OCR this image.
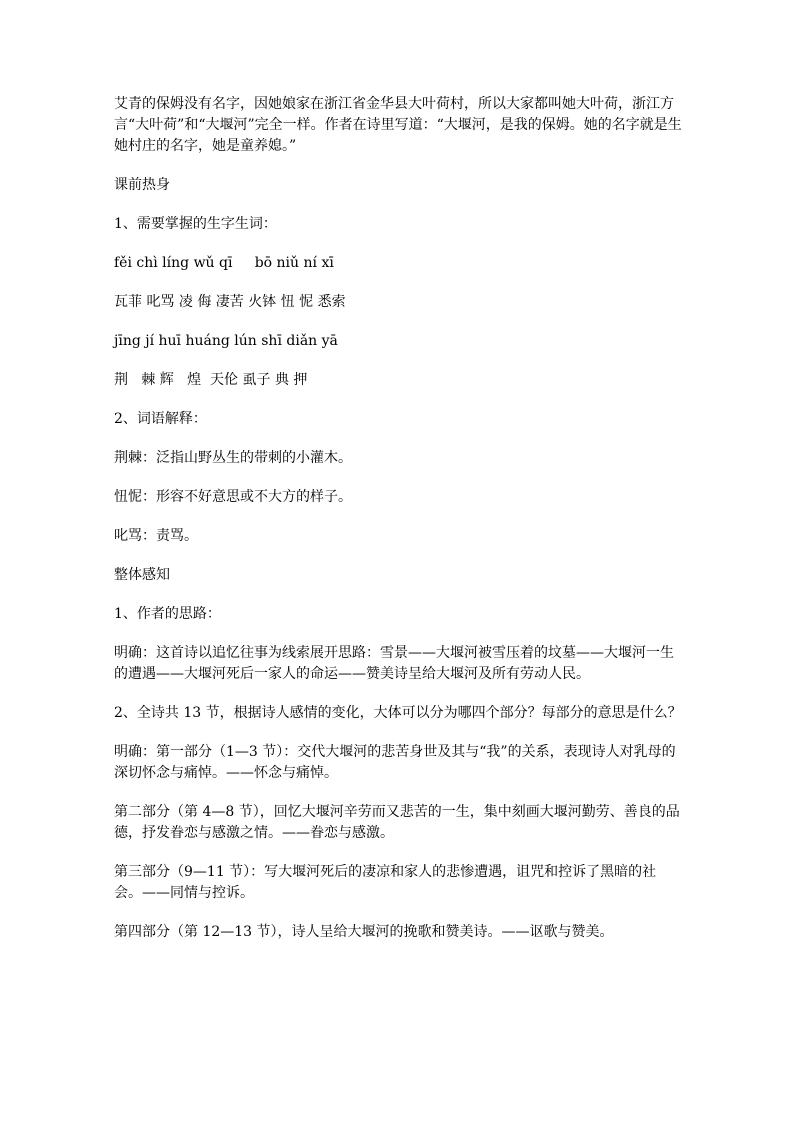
艾青的保姆没有名字，因她娘家在浙江省金华县大叶荷村，所以大家都叫她大叶荷，浙江方言“大叶荷”和“大堰河”完全一样。作者在诗里写道：“大堰河，是我的保姆。她的名字就是生她村庄的名字，她是童养媳。”

课前热身

1、需要掌握的生字生词：

fěi chì líng wǔ qī     bō niǔ ní xī

瓦菲 叱骂 凌 侮 凄苦 火钵 忸 怩 悉索

jīng jí huī huáng lún shī diǎn yā

荆   棘 辉   煌  天伦 虱子 典 押

2、词语解释：

荆棘：泛指山野丛生的带刺的小灌木。

忸怩：形容不好意思或不大方的样子。

叱骂：责骂。

整体感知

1、作者的思路：

明确：这首诗以追忆往事为线索展开思路：雪景——大堰河被雪压着的坟墓——大堰河一生的遭遇——大堰河死后一家人的命运——赞美诗呈给大堰河及所有劳动人民。

2、全诗共 13 节，根据诗人感情的变化，大体可以分为哪四个部分？每部分的意思是什么？

明确：第一部分（1—3 节）：交代大堰河的悲苦身世及其与“我”的关系，表现诗人对乳母的深切怀念与痛悼。——怀念与痛悼。

第二部分（第 4—8 节），回忆大堰河辛劳而又悲苦的一生，集中刻画大堰河勤劳、善良的品德，抒发眷恋与感激之情。——眷恋与感激。

第三部分（9—11 节）：写大堰河死后的凄凉和家人的悲惨遭遇，诅咒和控诉了黑暗的社会。——同情与控诉。

第四部分（第 12—13 节），诗人呈给大堰河的挽歌和赞美诗。——讴歌与赞美。
